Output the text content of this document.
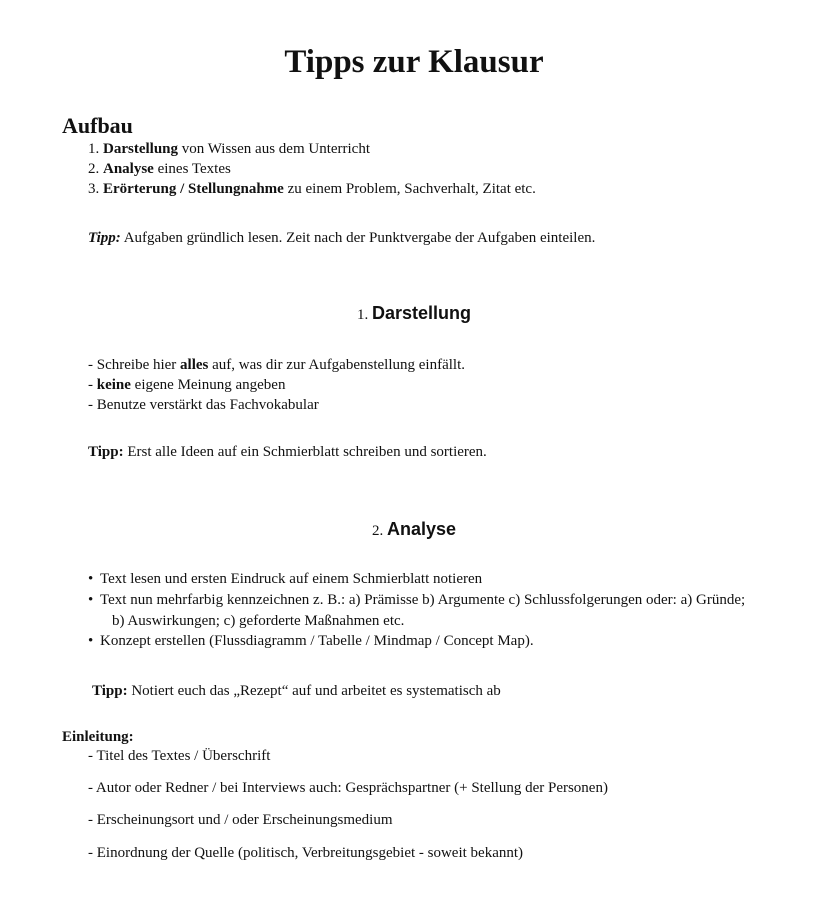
Tipps zur Klausur
Aufbau
1. Darstellung von Wissen aus dem Unterricht
2. Analyse eines Textes
3. Erörterung / Stellungnahme zu einem Problem, Sachverhalt, Zitat etc.
Tipp: Aufgaben gründlich lesen. Zeit nach der Punktvergabe der Aufgaben einteilen.
1. Darstellung
- Schreibe hier alles auf, was dir zur Aufgabenstellung einfällt.
- keine eigene Meinung angeben
- Benutze verstärkt das Fachvokabular
Tipp: Erst alle Ideen auf ein Schmierblatt schreiben und sortieren.
2. Analyse
• Text lesen und ersten Eindruck auf einem Schmierblatt notieren
• Text nun mehrfarbig kennzeichnen z. B.: a) Prämisse b) Argumente c) Schlussfolgerungen oder: a) Gründe;
b) Auswirkungen; c) geforderte Maßnahmen etc.
• Konzept erstellen (Flussdiagramm / Tabelle / Mindmap / Concept Map).
Tipp: Notiert euch das „Rezept“ auf und arbeitet es systematisch ab
Einleitung:
- Titel des Textes / Überschrift
- Autor oder Redner / bei Interviews auch: Gesprächspartner (+ Stellung der Personen)
- Erscheinungsort und / oder Erscheinungsmedium
- Einordnung der Quelle (politisch, Verbreitungsgebiet - soweit bekannt)
